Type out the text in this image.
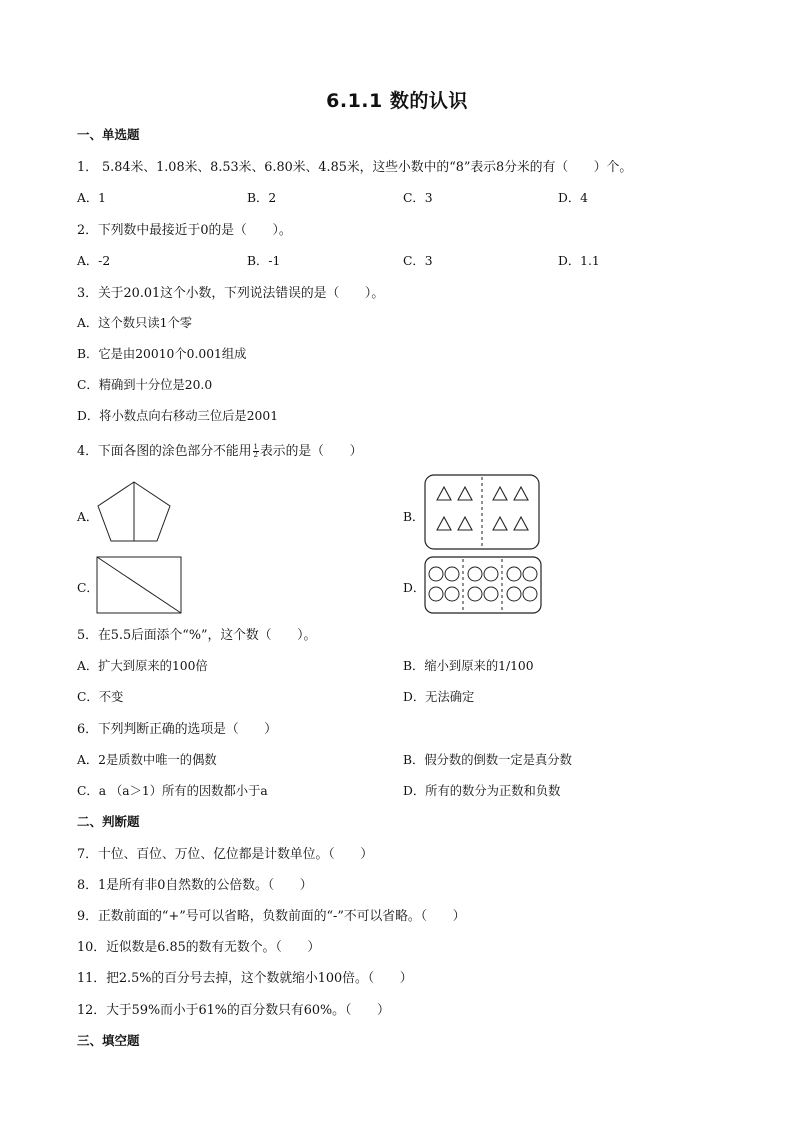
6.1.1 数的认识
一、单选题
1． 5.84米、1.08米、8.53米、6.80米、4.85米，这些小数中的“8”表示8分米的有（　　）个。
A．1	B．2	C．3	D．4
2．下列数中最接近于0的是（　　）。
A．-2	B．-1	C．3	D．1.1
3．关于20.01这个小数，下列说法错误的是（　　）。
A．这个数只读1个零
B．它是由20010个0.001组成
C．精确到十分位是20.0
D．将小数点向右移动三位后是2001
4．下面各图的涂色部分不能用 $\frac{1}{2}$ 表示的是（　　）
A．	B．
C．	D．
5．在5.5后面添个“%”，这个数（　　）。
A．扩大到原来的100倍	B．缩小到原来的1/100
C．不变	D．无法确定
6．下列判断正确的选项是（　　）
A．2是质数中唯一的偶数	B．假分数的倒数一定是真分数
C．a （a＞1）所有的因数都小于a	D．所有的数分为正数和负数
二、判断题
7．十位、百位、万位、亿位都是计数单位。（　　）
8．1是所有非0自然数的公倍数。（　　）
9．正数前面的“+”号可以省略，负数前面的“-”不可以省略。（　　）
10．近似数是6.85的数有无数个。（　　）
11．把2.5%的百分号去掉，这个数就缩小100倍。（　　）
12．大于59%而小于61%的百分数只有60%。（　　）
三、填空题
